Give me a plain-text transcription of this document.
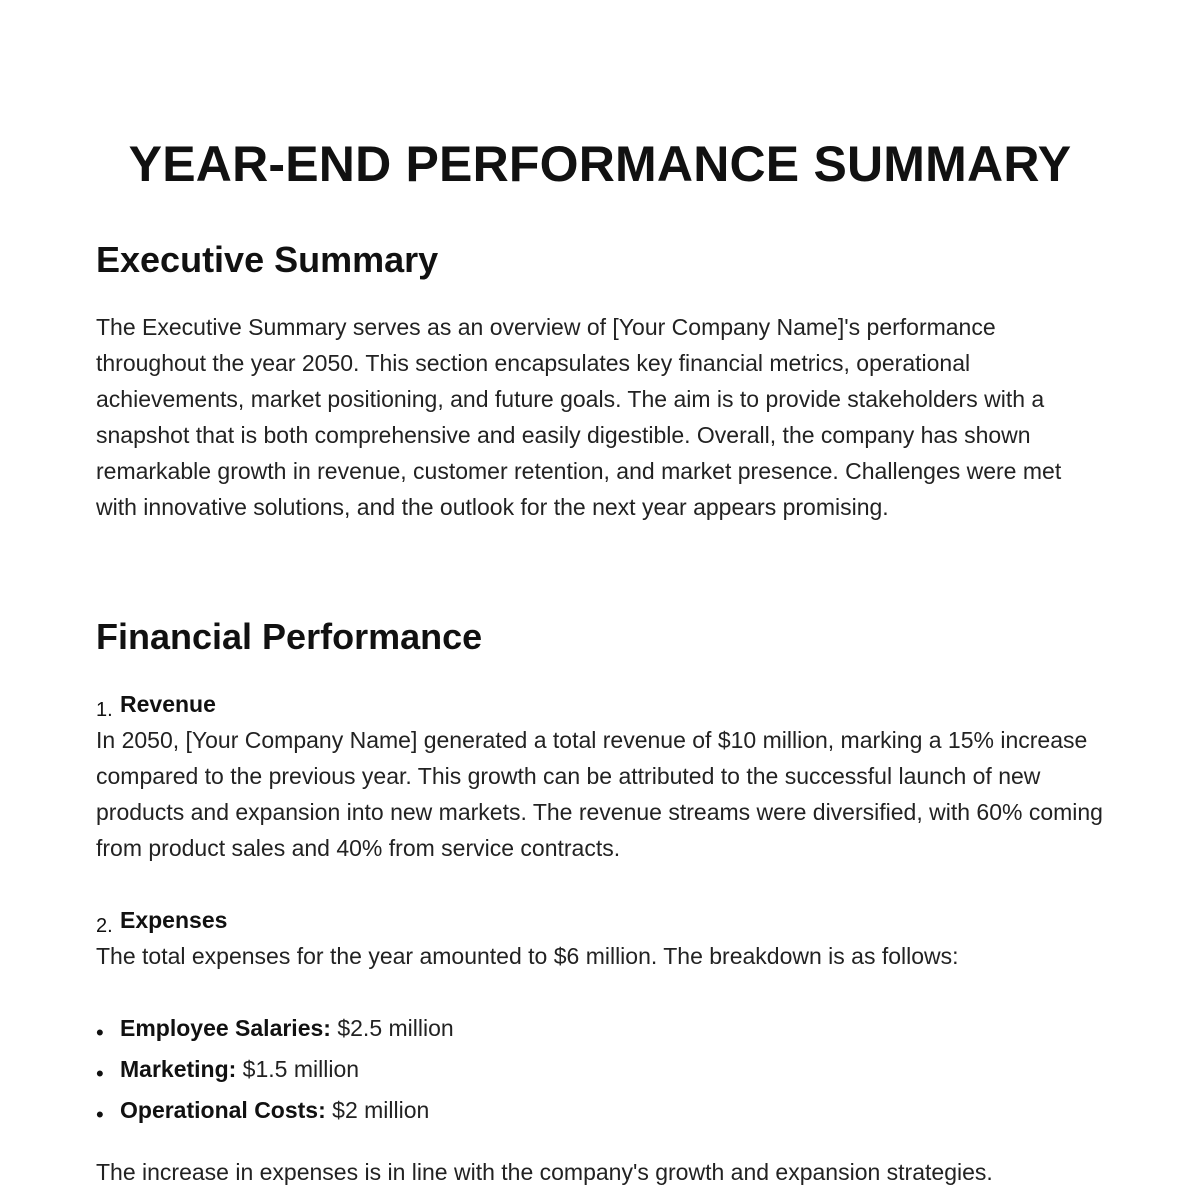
YEAR-END PERFORMANCE SUMMARY
Executive Summary

The Executive Summary serves as an overview of [Your Company Name]'s performance throughout the year 2050. This section encapsulates key financial metrics, operational achievements, market positioning, and future goals. The aim is to provide stakeholders with a snapshot that is both comprehensive and easily digestible. Overall, the company has shown remarkable growth in revenue, customer retention, and market presence. Challenges were met with innovative solutions, and the outlook for the next year appears promising.

Financial Performance
1. Revenue

In 2050, [Your Company Name] generated a total revenue of $10 million, marking a 15% increase compared to the previous year. This growth can be attributed to the successful launch of new products and expansion into new markets. The revenue streams were diversified, with 60% coming from product sales and 40% from service contracts.

2. Expenses

The total expenses for the year amounted to $6 million. The breakdown is as follows:

• Employee Salaries: $2.5 million
• Marketing: $1.5 million
• Operational Costs: $2 million

The increase in expenses is in line with the company's growth and expansion strategies.
